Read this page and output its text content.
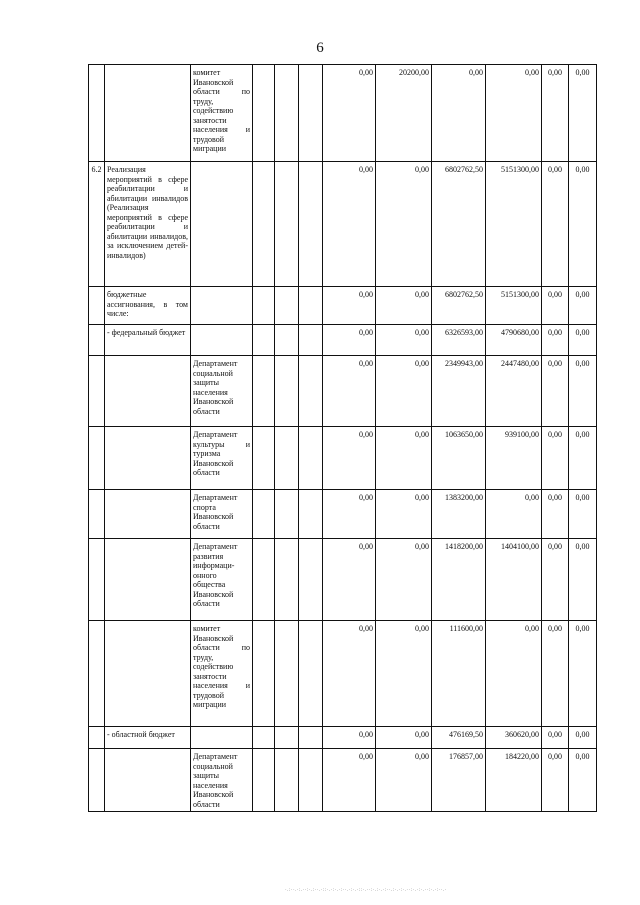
6
		комитет Ивановской области по труду, содействию занятости населения и трудовой миграции				0,00	20200,00	0,00	0,00	0,00	0,00
6.2	Реализация мероприятий в сфере реабилитации и абилитации инвалидов (Реализация мероприятий в сфере реабилитации и абилитации инвалидов, за исключением детей-инвалидов)					0,00	0,00	6802762,50	5151300,00	0,00	0,00
	бюджетные ассигнования, в том числе:					0,00	0,00	6802762,50	5151300,00	0,00	0,00
	- федеральный бюджет					0,00	0,00	6326593,00	4790680,00	0,00	0,00
		Департамент социальной защиты населения Ивановской области				0,00	0,00	2349943,00	2447480,00	0,00	0,00
		Департамент культуры и туризма Ивановской области				0,00	0,00	1063650,00	939100,00	0,00	0,00
		Департамент спорта Ивановской области				0,00	0,00	1383200,00	0,00	0,00	0,00
		Департамент развития информаци-онного общества Ивановской области				0,00	0,00	1418200,00	1404100,00	0,00	0,00
		комитет Ивановской области по труду, содействию занятости населения и трудовой миграции				0,00	0,00	111600,00	0,00	0,00	0,00
	- областной бюджет					0,00	0,00	476169,50	360620,00	0,00	0,00
		Департамент социальной защиты населения Ивановской области				0,00	0,00	176857,00	184220,00	0,00	0,00
·.:··.·:.··:·.:··.·::·.·:·.·:··.·:·.·::·.··:·.:·.·:··.:·.·:·.··:·.·:·.··:·.·:··.·
